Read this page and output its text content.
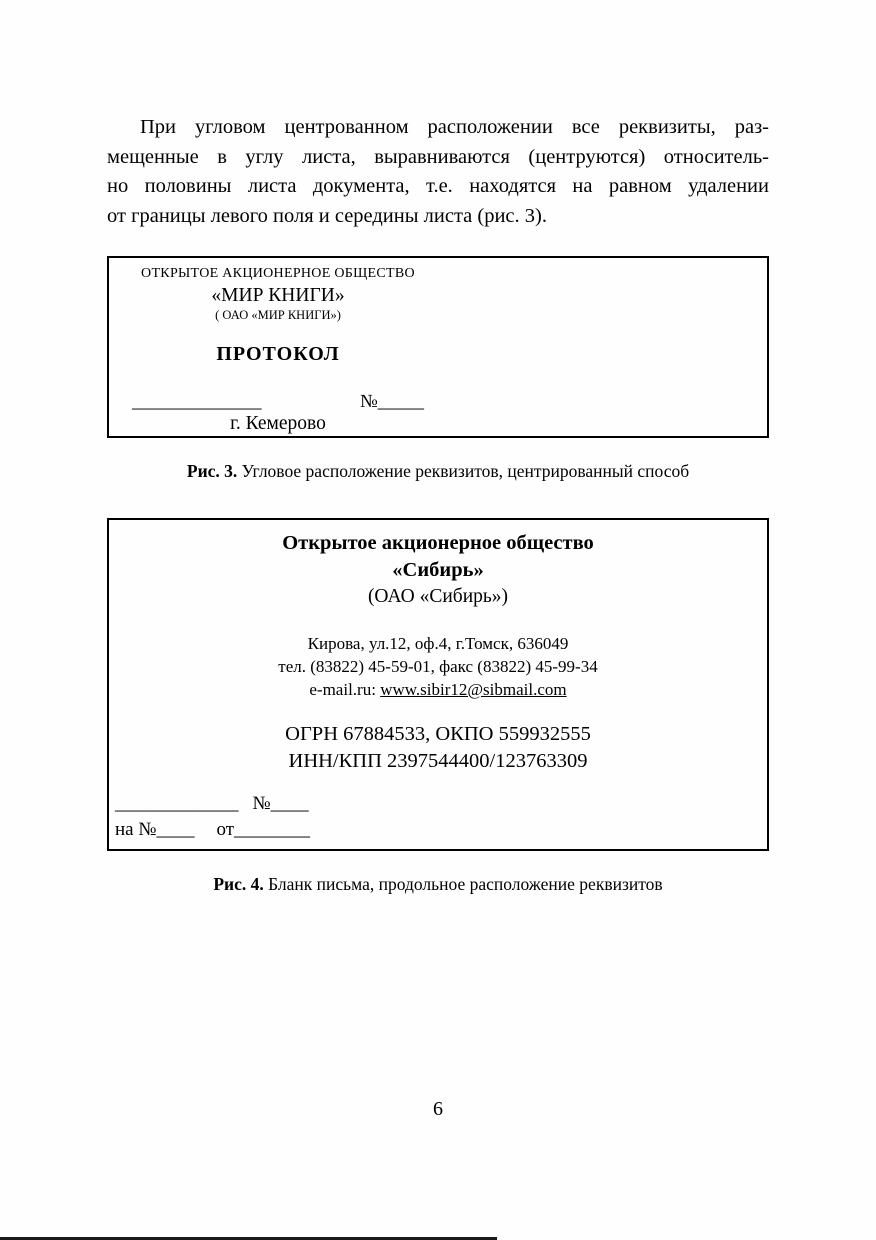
При угловом центрованном расположении все реквизиты, раз-
мещенные в углу листа, выравниваются (центруются) относитель-
но половины листа документа, т.е. находятся на равном удалении
от границы левого поля и середины листа (рис. 3).
ОТКРЫТОЕ АКЦИОНЕРНОЕ ОБЩЕСТВО
«МИР КНИГИ»
( ОАО «МИР КНИГИ»)
ПРОТОКОЛ
______________	№_____
г. Кемерово
Рис. 3. Угловое расположение реквизитов, центрированный способ
Открытое акционерное общество
«Сибирь»
(ОАО «Сибирь»)
Кирова, ул.12, оф.4, г.Томск, 636049
тел. (83822) 45-59-01, факс (83822) 45-99-34
e-mail.ru: www.sibir12@sibmail.com
ОГРН 67884533, ОКПО 559932555
ИНН/КПП 2397544400/123763309
_____________ №____
на №____ от________
Рис. 4. Бланк письма, продольное расположение реквизитов
6
